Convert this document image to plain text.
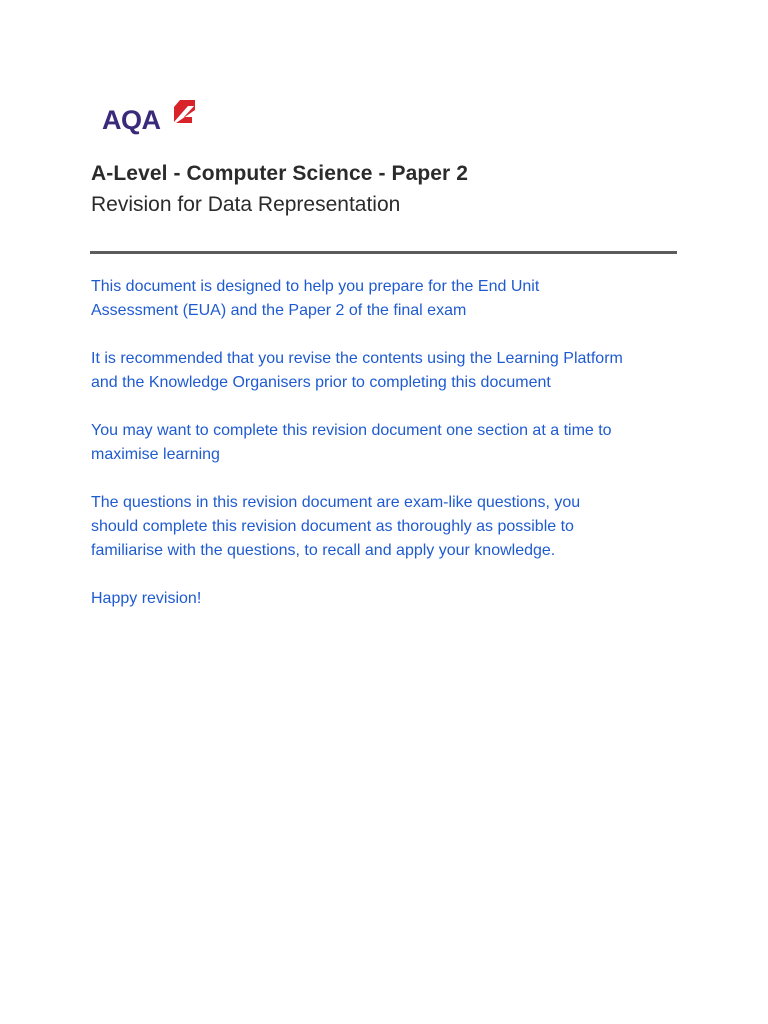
AQA
A-Level - Computer Science - Paper 2
Revision for Data Representation

This document is designed to help you prepare for the End Unit
Assessment (EUA) and the Paper 2 of the final exam

It is recommended that you revise the contents using the Learning Platform
and the Knowledge Organisers prior to completing this document

You may want to complete this revision document one section at a time to
maximise learning

The questions in this revision document are exam-like questions, you
should complete this revision document as thoroughly as possible to
familiarise with the questions, to recall and apply your knowledge.

Happy revision!
